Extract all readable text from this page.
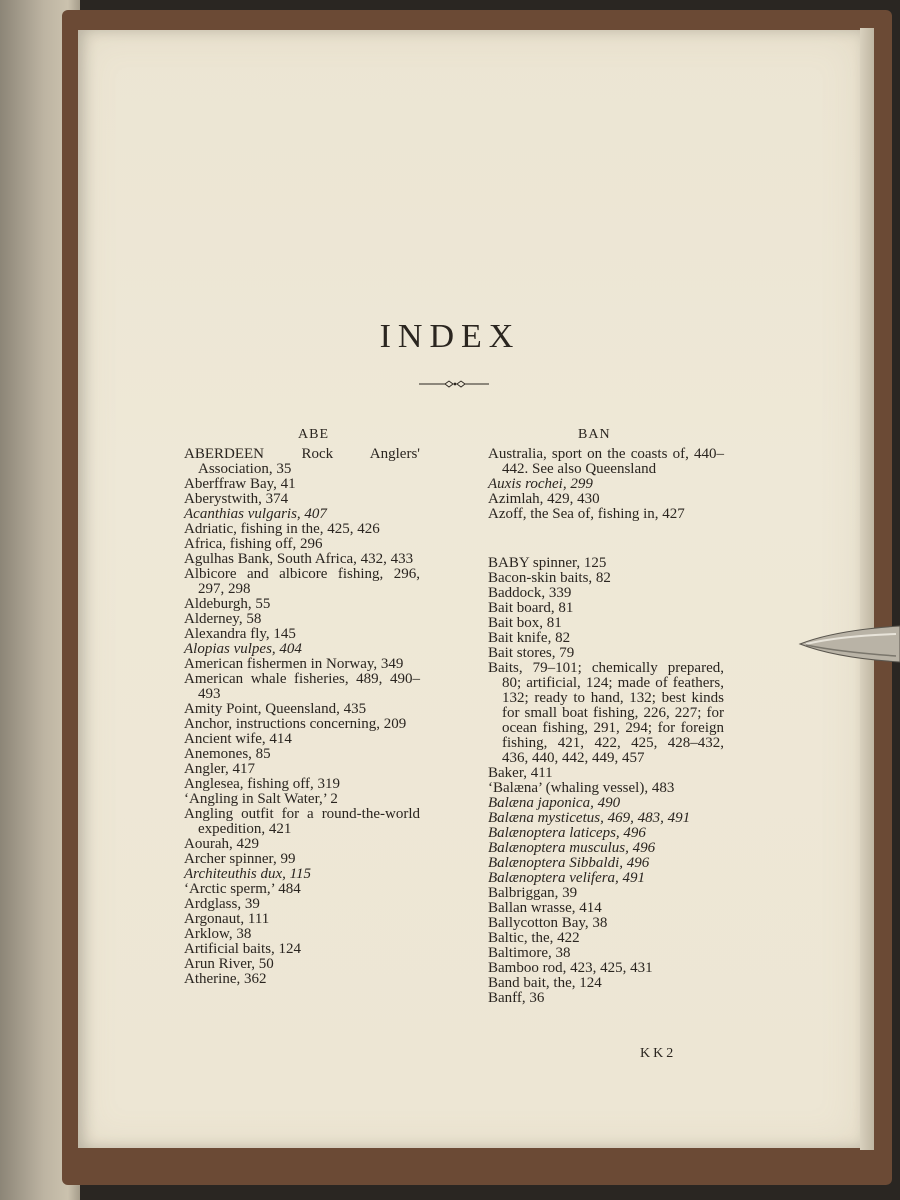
INDEX
ABE	BAN
ABERDEEN Rock Anglers' Association, 35
Aberffraw Bay, 41
Aberystwith, 374
Acanthias vulgaris, 407
Adriatic, fishing in the, 425, 426
Africa, fishing off, 296
Agulhas Bank, South Africa, 432, 433
Albicore and albicore fishing, 296, 297, 298
Aldeburgh, 55
Alderney, 58
Alexandra fly, 145
Alopias vulpes, 404
American fishermen in Norway, 349
American whale fisheries, 489, 490–493
Amity Point, Queensland, 435
Anchor, instructions concerning, 209
Ancient wife, 414
Anemones, 85
Angler, 417
Anglesea, fishing off, 319
‘Angling in Salt Water,’ 2
Angling outfit for a round-the-world expedition, 421
Aourah, 429
Archer spinner, 99
Architeuthis dux, 115
‘Arctic sperm,’ 484
Ardglass, 39
Argonaut, 111
Arklow, 38
Artificial baits, 124
Arun River, 50
Atherine, 362
Australia, sport on the coasts of, 440–442. See also Queensland
Auxis rochei, 299
Azimlah, 429, 430
Azoff, the Sea of, fishing in, 427
BABY spinner, 125
Bacon-skin baits, 82
Baddock, 339
Bait board, 81
Bait box, 81
Bait knife, 82
Bait stores, 79
Baits, 79–101; chemically prepared, 80; artificial, 124; made of feathers, 132; ready to hand, 132; best kinds for small boat fishing, 226, 227; for ocean fishing, 291, 294; for foreign fishing, 421, 422, 425, 428–432, 436, 440, 442, 449, 457
Baker, 411
‘Balæna’ (whaling vessel), 483
Balæna japonica, 490
Balæna mysticetus, 469, 483, 491
Balænoptera laticeps, 496
Balænoptera musculus, 496
Balænoptera Sibbaldi, 496
Balænoptera velifera, 491
Balbriggan, 39
Ballan wrasse, 414
Ballycotton Bay, 38
Baltic, the, 422
Baltimore, 38
Bamboo rod, 423, 425, 431
Band bait, the, 124
Banff, 36
KK2
